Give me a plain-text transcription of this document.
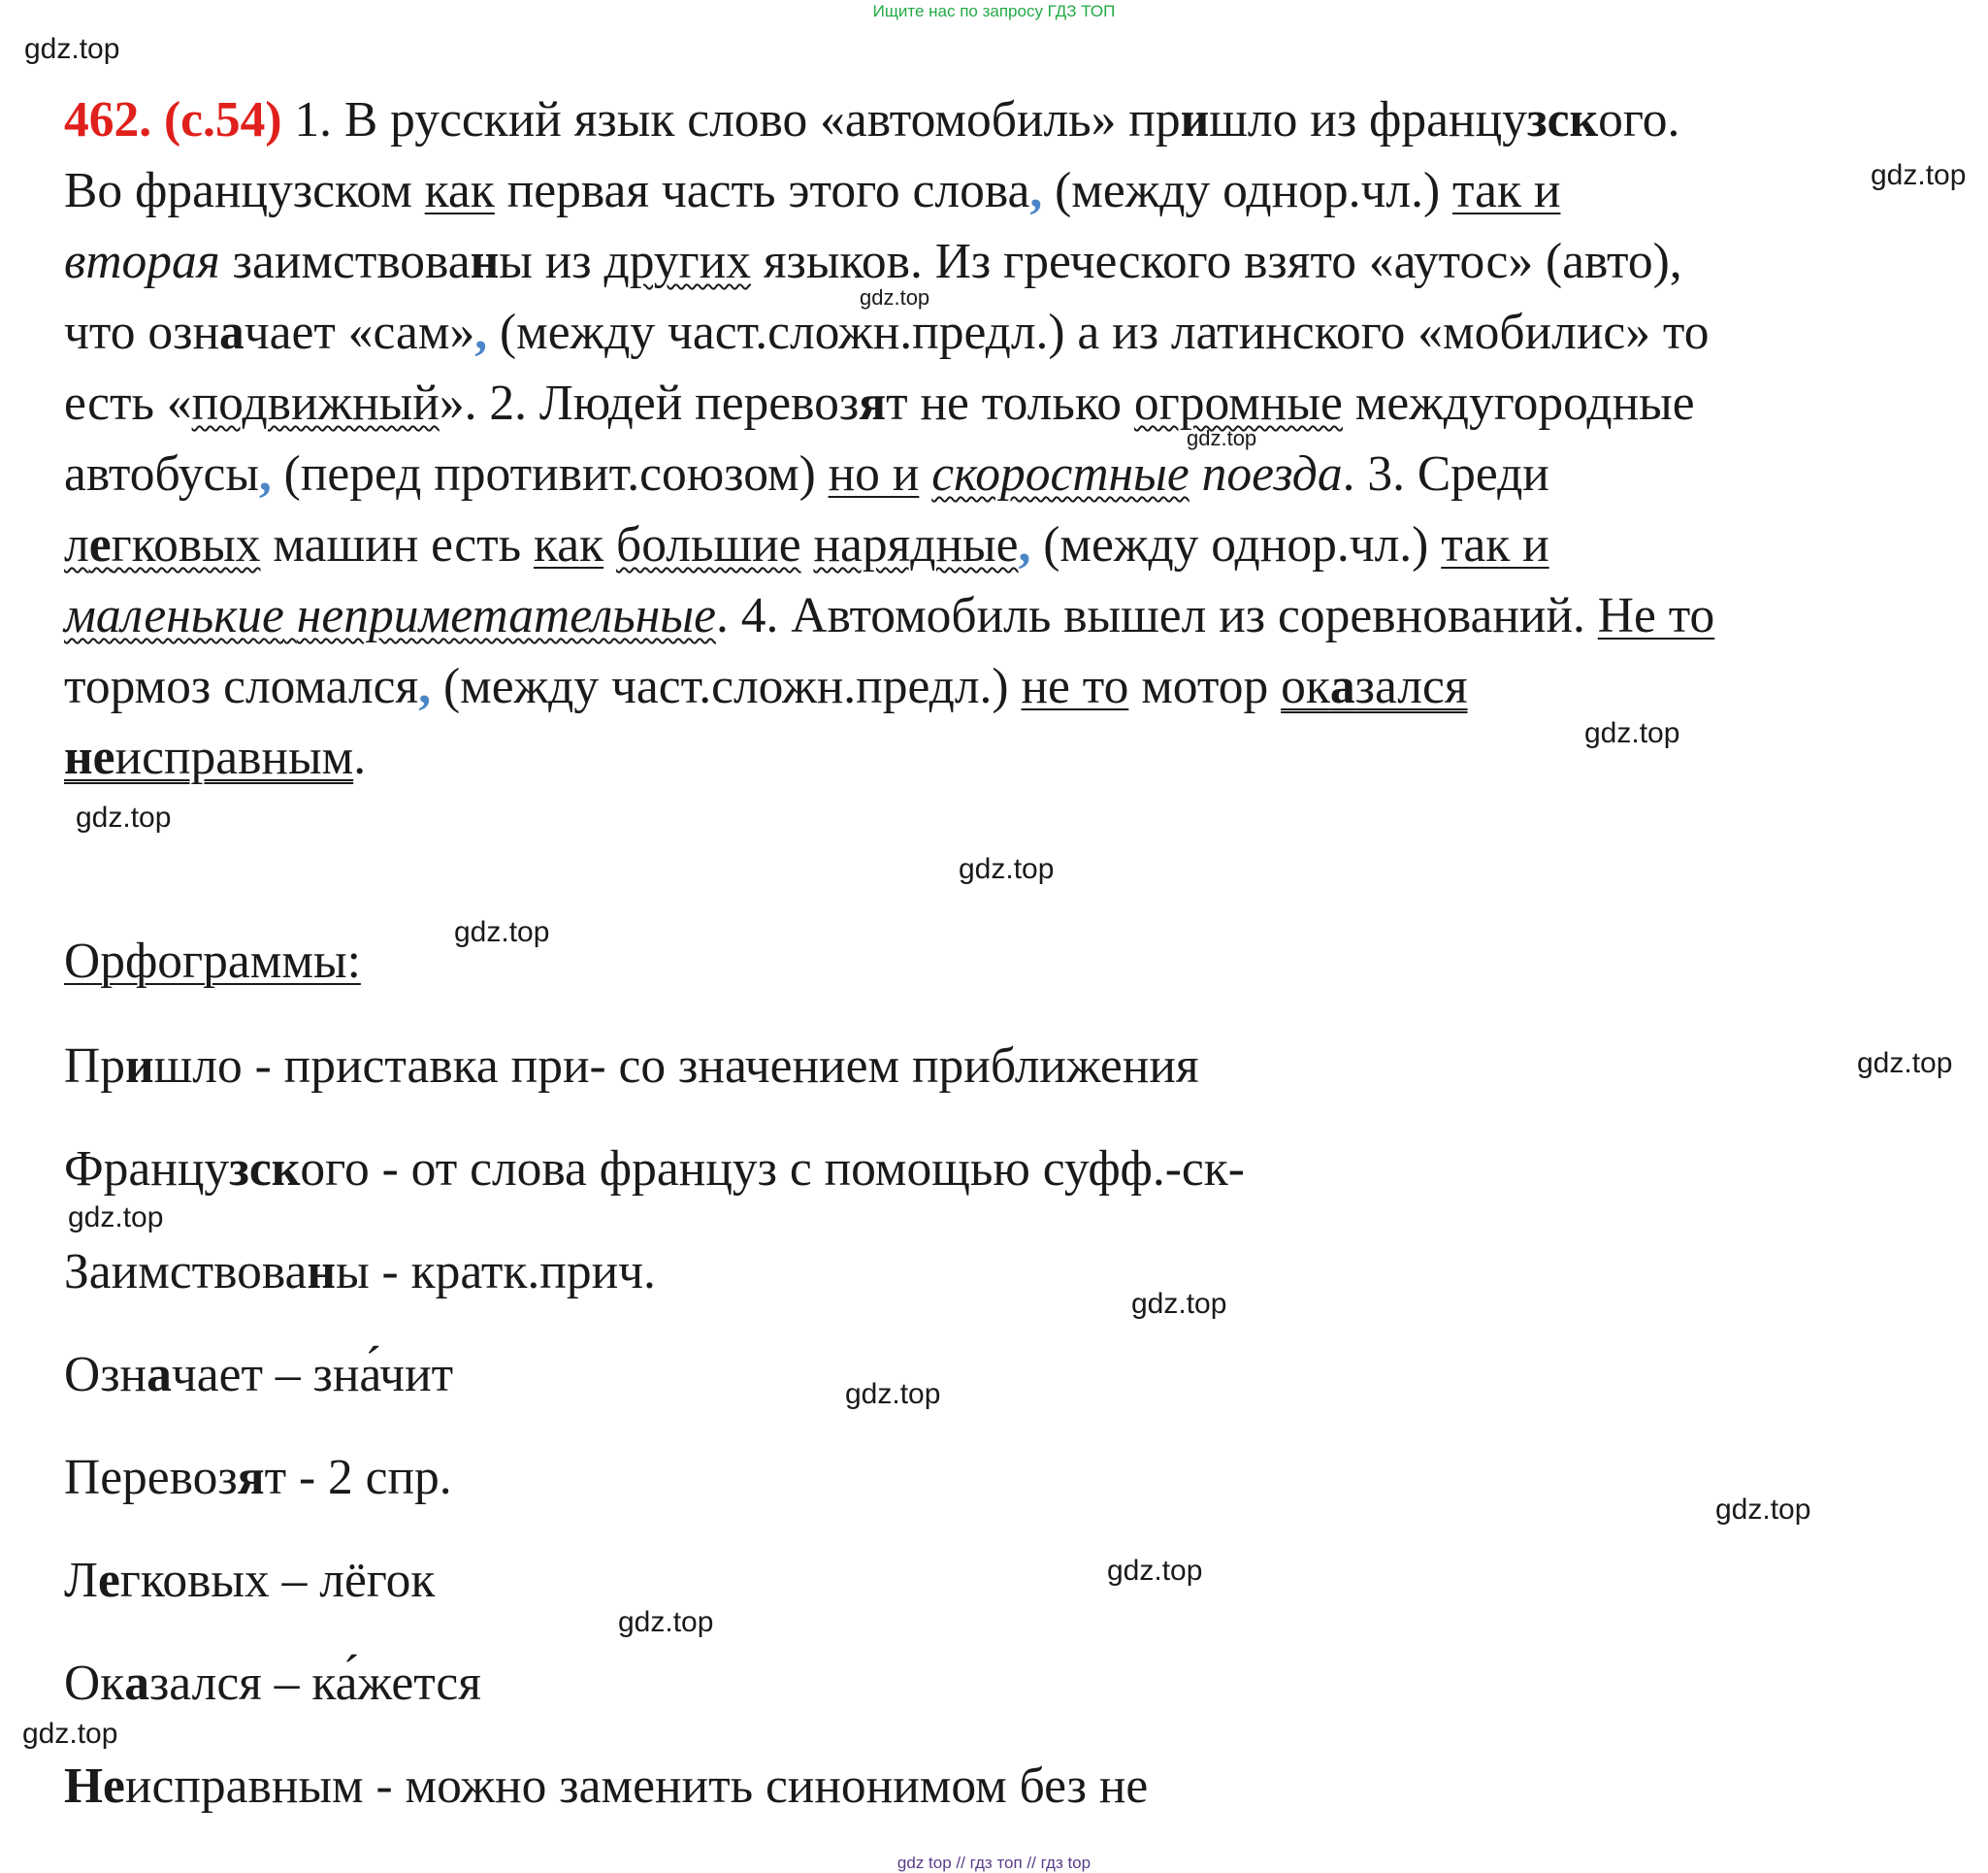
Ищите нас по запросу ГДЗ ТОП
gdz.top
gdz.top
gdz.top
gdz.top
gdz.top
gdz.top
gdz.top
gdz.top
gdz.top
gdz.top
gdz.top
gdz.top
gdz.top
gdz.top
gdz.top
gdz.top
462. (с.54) 1. В русский язык слово «автомобиль» пришло из французского.
Во французском как первая часть этого слова, (между однор.чл.) так и
вторая заимствованы из других языков. Из греческого взято «аутос» (авто),
что означает «сам», (между част.сложн.предл.) а из латинского «мобилис» то
есть «подвижный». 2. Людей перевозят не только огромные междугородные
автобусы, (перед противит.союзом) но и скоростные поезда. 3. Среди
легковых машин есть как большие нарядные, (между однор.чл.) так и
маленькие неприметательные. 4. Автомобиль вышел из соревнований. Не то
тормоз сломался, (между част.сложн.предл.) не то мотор оказался
неисправным.
Орфограммы:
Пришло - приставка при- со значением приближения
Французского - от слова француз с помощью суфф.-ск-
Заимствованы - кратк.прич.
Означает – зна́чит
Перевозят - 2 спр.
Легковых – лёгок
Оказался – ка́жется
Неисправным - можно заменить синонимом без не
gdz top // гдз топ // гдз top
